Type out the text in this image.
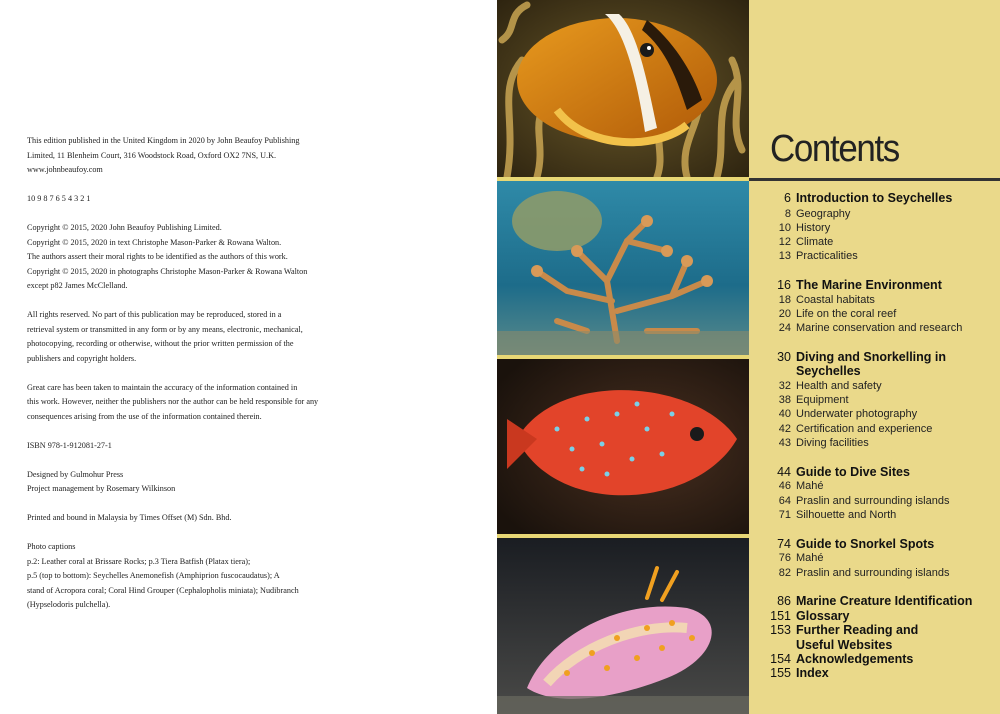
This edition published in the United Kingdom in 2020 by John Beaufoy Publishing
Limited, 11 Blenheim Court, 316 Woodstock Road, Oxford OX2 7NS, U.K.
www.johnbeaufoy.com
10 9 8 7 6 5 4 3 2 1
Copyright © 2015, 2020 John Beaufoy Publishing Limited.
Copyright © 2015, 2020 in text Christophe Mason-Parker & Rowana Walton.
The authors assert their moral rights to be identified as the authors of this work.
Copyright © 2015, 2020 in photographs Christophe Mason-Parker & Rowana Walton
except p82 James McClelland.
All rights reserved. No part of this publication may be reproduced, stored in a
retrieval system or transmitted in any form or by any means, electronic, mechanical,
photocopying, recording or otherwise, without the prior written permission of the
publishers and copyright holders.
Great care has been taken to maintain the accuracy of the information contained in
this work. However, neither the publishers nor the author can be held responsible for any
consequences arising from the use of the information contained therein.
ISBN 978-1-912081-27-1
Designed by Gulmohur Press
Project management by Rosemary Wilkinson
Printed and bound in Malaysia by Times Offset (M) Sdn. Bhd.
Photo captions
p.2: Leather coral at Brissare Rocks; p.3 Tiera Batfish (Platax tiera);
p.5 (top to bottom): Seychelles Anemonefish (Amphiprion fuscocaudatus); A
stand of Acropora coral; Coral Hind Grouper (Cephalopholis miniata); Nudibranch
(Hypselodoris pulchella).
Contents
6 Introduction to Seychelles
8 Geography
10 History
12 Climate
13 Practicalities
16 The Marine Environment
18 Coastal habitats
20 Life on the coral reef
24 Marine conservation and research
30 Diving and Snorkelling in
Seychelles
32 Health and safety
38 Equipment
40 Underwater photography
42 Certification and experience
43 Diving facilities
44 Guide to Dive Sites
46 Mahé
64 Praslin and surrounding islands
71 Silhouette and North
74 Guide to Snorkel Spots
76 Mahé
82 Praslin and surrounding islands
86 Marine Creature Identification
151 Glossary
153 Further Reading and
Useful Websites
154 Acknowledgements
155 Index
